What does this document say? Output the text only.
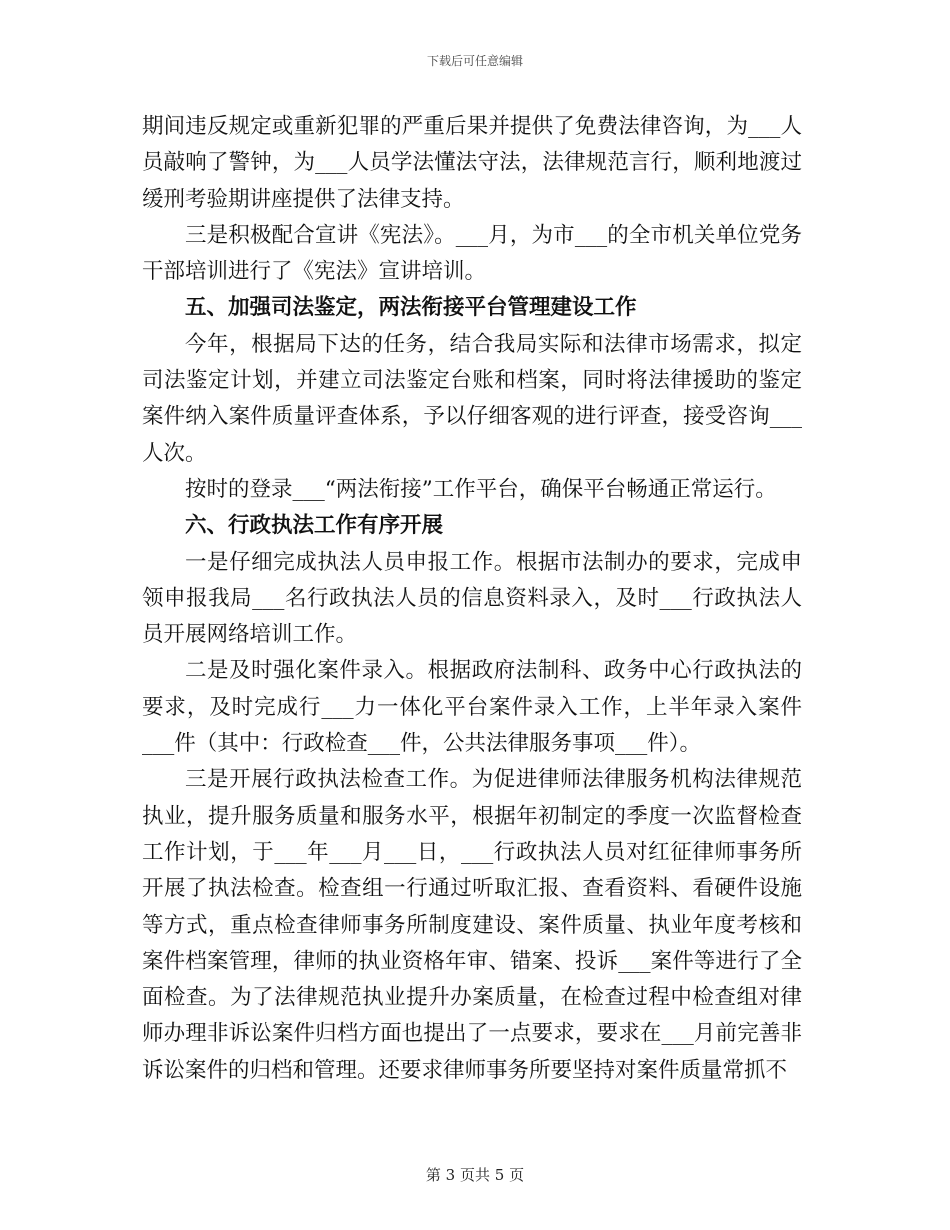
下载后可任意编辑

期间违反规定或重新犯罪的严重后果并提供了免费法律咨询，为___人员敲响了警钟，为___人员学法懂法守法，法律规范言行，顺利地渡过缓刑考验期讲座提供了法律支持。

三是积极配合宣讲《宪法》。___月，为市___的全市机关单位党务干部培训进行了《宪法》宣讲培训。

五、加强司法鉴定，两法衔接平台管理建设工作

今年，根据局下达的任务，结合我局实际和法律市场需求，拟定司法鉴定计划，并建立司法鉴定台账和档案，同时将法律援助的鉴定案件纳入案件质量评查体系，予以仔细客观的进行评查，接受咨询___人次。

按时的登录___“两法衔接”工作平台，确保平台畅通正常运行。

六、行政执法工作有序开展

一是仔细完成执法人员申报工作。根据市法制办的要求，完成申领申报我局___名行政执法人员的信息资料录入，及时___行政执法人员开展网络培训工作。

二是及时强化案件录入。根据政府法制科、政务中心行政执法的要求，及时完成行___力一体化平台案件录入工作，上半年录入案件___件（其中：行政检查___件，公共法律服务事项___件）。

三是开展行政执法检查工作。为促进律师法律服务机构法律规范执业，提升服务质量和服务水平，根据年初制定的季度一次监督检查工作计划，于___年___月___日，___行政执法人员对红征律师事务所开展了执法检查。检查组一行通过听取汇报、查看资料、看硬件设施等方式，重点检查律师事务所制度建设、案件质量、执业年度考核和案件档案管理，律师的执业资格年审、错案、投诉___案件等进行了全面检查。为了法律规范执业提升办案质量，在检查过程中检查组对律师办理非诉讼案件归档方面也提出了一点要求，要求在___月前完善非诉讼案件的归档和管理。还要求律师事务所要坚持对案件质量常抓不

第 3 页共 5 页
